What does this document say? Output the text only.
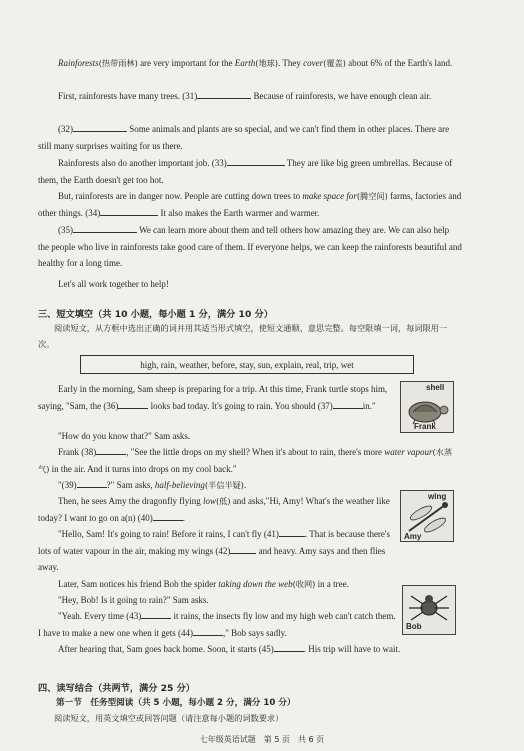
Rainforests(热带雨林) are very important for the Earth(地球). They cover(覆盖) about 6% of the Earth's land.

First, rainforests have many trees. (31)	Because of rainforests, we have enough clean air.

(32)	Some animals and plants are so special, and we can't find them in other places. There are still many surprises waiting for us there.

Rainforests also do another important job. (33)	They are like big green umbrellas. Because of them, the Earth doesn't get too hot.

But, rainforests are in danger now. People are cutting down trees to make space for(腾空间) farms, factories and other things. (34)	It also makes the Earth warmer and warmer.

(35)	We can learn more about them and tell others how amazing they are. We can also help the people who live in rainforests take good care of them. If everyone helps, we can keep the rainforests beautiful and healthy for a long time.

Let's all work together to help!

三、短文填空（共 10 小题，每小题 1 分，满分 10 分）

阅读短文，从方框中选出正确的词并用其适当形式填空，使短文通顺、意思完整。每空限填一词，每词限用一次。

high, rain, weather, before, stay, sun, explain, real, trip, wet
shell
Frank
wing
Amy
Bob

Early in the morning, Sam sheep is preparing for a trip. At this time, Frank turtle stops him, saying, "Sam, the (36)	looks bad today. It's going to rain. You should (37)	in."

"How do you know that?" Sam asks.

Frank (38)	, "See the little drops on my shell? When it's about to rain, there's more water vapour(水蒸气) in the air. And it turns into drops on my cool back."

"(39)	?" Sam asks, half-believing(半信半疑).

Then, he sees Amy the dragonfly flying low(低) and asks,"Hi, Amy! What's the weather like today? I want to go on a(n) (40)	.

"Hello, Sam! It's going to rain! Before it rains, I can't fly (41)	. That is because there's lots of water vapour in the air, making my wings (42)	and heavy. Amy says and then flies away.

Later, Sam notices his friend Bob the spider taking down the web(收网) in a tree.

"Hey, Bob! Is it going to rain?" Sam asks.

"Yeah. Every time (43)	it rains, the insects fly low and my high web can't catch them. I have to make a new one when it gets (44)	," Bob says sadly.

After hearing that, Sam goes back home. Soon, it starts (45)	. His trip will have to wait.

四、读写结合（共两节，满分 25 分）
第一节　任务型阅读（共 5 小题，每小题 2 分，满分 10 分）

阅读短文，用英文填空或回答问题（请注意每小题的词数要求）

七年级英语试题　第 5 页　共 6 页
